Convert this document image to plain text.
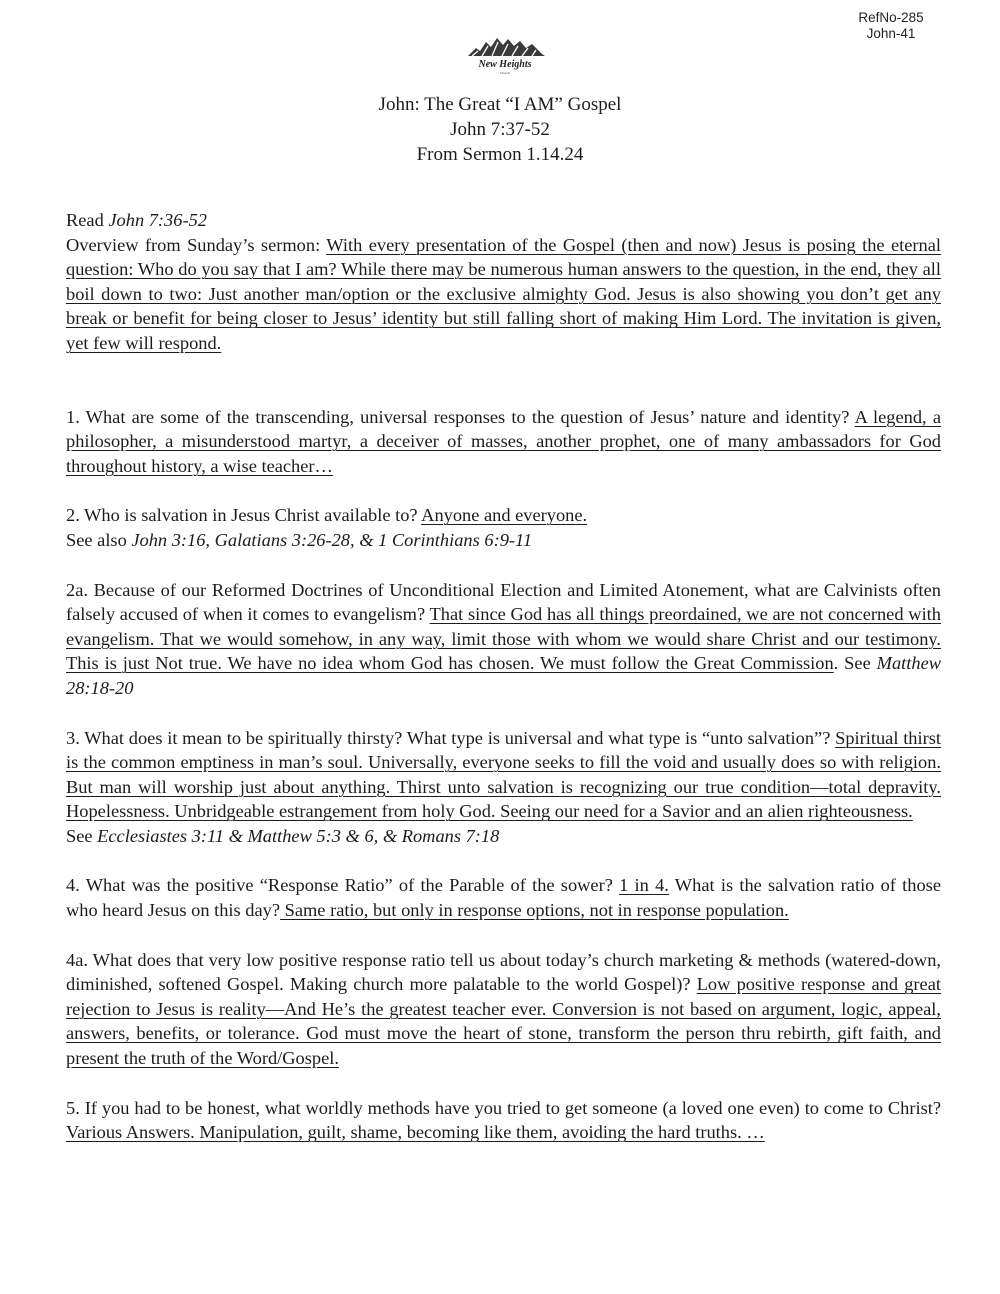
RefNo-285
John-41
New Heights
Church
John: The Great “I AM” Gospel
John 7:37-52
From Sermon 1.14.24

Read John 7:36-52

Overview from Sunday’s sermon: With every presentation of the Gospel (then and now) Jesus is posing the eternal question: Who do you say that I am? While there may be numerous human answers to the question, in the end, they all boil down to two: Just another man/option or the exclusive almighty God. Jesus is also showing you don’t get any break or benefit for being closer to Jesus’ identity but still falling short of making Him Lord. The invitation is given, yet few will respond.

1. What are some of the transcending, universal responses to the question of Jesus’ nature and identity? A legend, a philosopher, a misunderstood martyr, a deceiver of masses, another prophet, one of many ambassadors for God throughout history, a wise teacher…

2. Who is salvation in Jesus Christ available to? Anyone and everyone.

See also John 3:16, Galatians 3:26-28, & 1 Corinthians 6:9-11

2a. Because of our Reformed Doctrines of Unconditional Election and Limited Atonement, what are Calvinists often falsely accused of when it comes to evangelism? That since God has all things preordained, we are not concerned with evangelism. That we would somehow, in any way, limit those with whom we would share Christ and our testimony. This is just Not true. We have no idea whom God has chosen. We must follow the Great Commission. See Matthew 28:18-20

3. What does it mean to be spiritually thirsty? What type is universal and what type is “unto salvation”? Spiritual thirst is the common emptiness in man’s soul. Universally, everyone seeks to fill the void and usually does so with religion. But man will worship just about anything. Thirst unto salvation is recognizing our true condition—total depravity. Hopelessness. Unbridgeable estrangement from holy God. Seeing our need for a Savior and an alien righteousness.

See Ecclesiastes 3:11 & Matthew 5:3 & 6, & Romans 7:18

4. What was the positive “Response Ratio” of the Parable of the sower? 1 in 4. What is the salvation ratio of those who heard Jesus on this day? Same ratio, but only in response options, not in response population.

4a. What does that very low positive response ratio tell us about today’s church marketing & methods (watered-down, diminished, softened Gospel. Making church more palatable to the world Gospel)? Low positive response and great rejection to Jesus is reality—And He’s the greatest teacher ever. Conversion is not based on argument, logic, appeal, answers, benefits, or tolerance. God must move the heart of stone, transform the person thru rebirth, gift faith, and present the truth of the Word/Gospel.

5. If you had to be honest, what worldly methods have you tried to get someone (a loved one even) to come to Christ? Various Answers. Manipulation, guilt, shame, becoming like them, avoiding the hard truths. …
